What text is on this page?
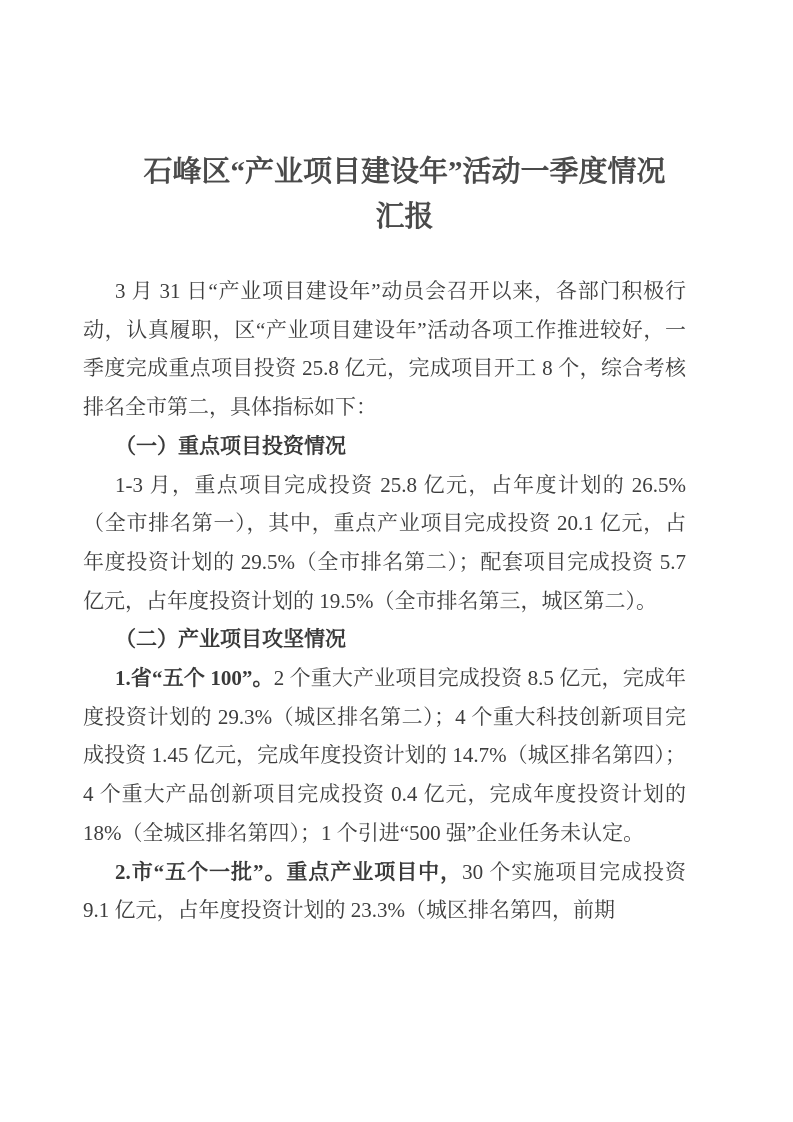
石峰区“产业项目建设年”活动一季度情况
汇报

3 月 31 日“产业项目建设年”动员会召开以来，各部门积极行动，认真履职，区“产业项目建设年”活动各项工作推进较好，一季度完成重点项目投资 25.8 亿元，完成项目开工 8 个，综合考核排名全市第二，具体指标如下：

（一）重点项目投资情况

1-3 月，重点项目完成投资 25.8 亿元，占年度计划的 26.5%（全市排名第一），其中，重点产业项目完成投资 20.1 亿元，占年度投资计划的 29.5%（全市排名第二）；配套项目完成投资 5.7 亿元，占年度投资计划的 19.5%（全市排名第三，城区第二）。

（二）产业项目攻坚情况

1.省“五个 100”。2 个重大产业项目完成投资 8.5 亿元，完成年度投资计划的 29.3%（城区排名第二）；4 个重大科技创新项目完成投资 1.45 亿元，完成年度投资计划的 14.7%（城区排名第四）；4 个重大产品创新项目完成投资 0.4 亿元，完成年度投资计划的 18%（全城区排名第四）；1 个引进“500 强”企业任务未认定。

2.市“五个一批”。重点产业项目中，30 个实施项目完成投资 9.1 亿元，占年度投资计划的 23.3%（城区排名第四，前期
